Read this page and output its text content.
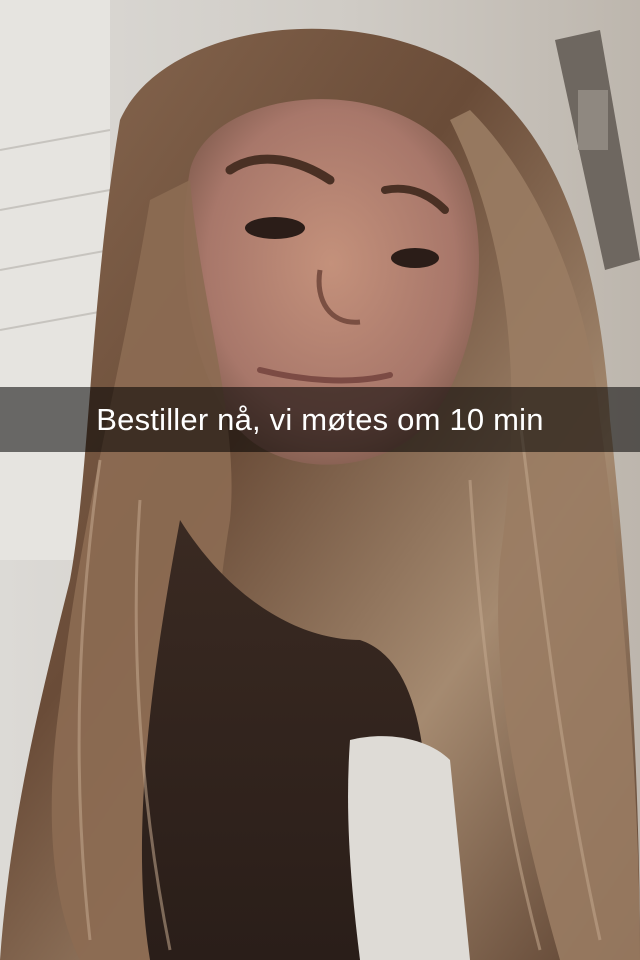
Bestiller nå, vi møtes om 10 min
